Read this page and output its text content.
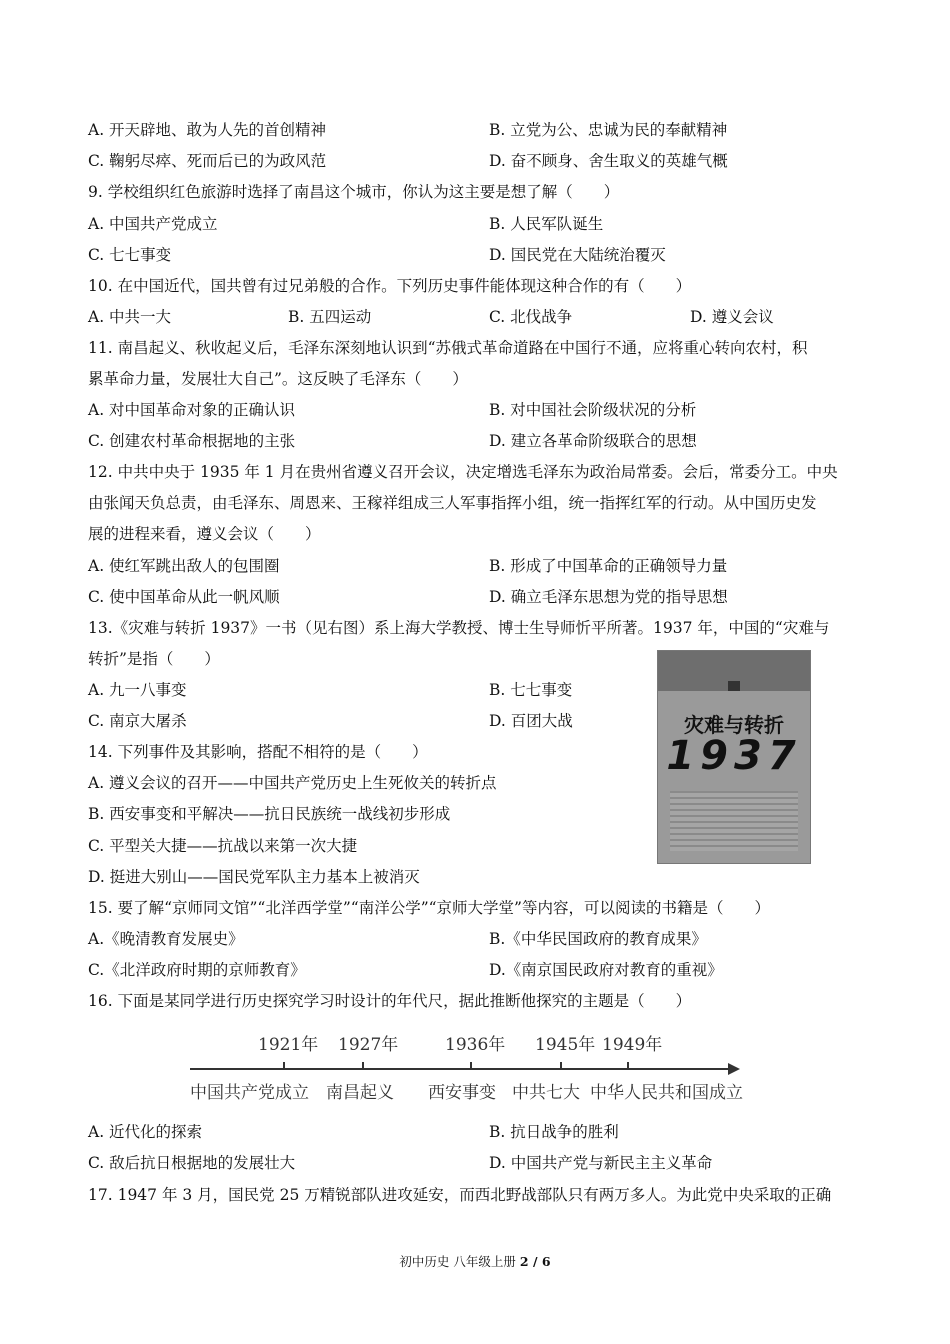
A. 开天辟地、敢为人先的首创精神	B. 立党为公、忠诚为民的奉献精神
C. 鞠躬尽瘁、死而后已的为政风范	D. 奋不顾身、舍生取义的英雄气概
9. 学校组织红色旅游时选择了南昌这个城市，你认为这主要是想了解（　　）
A. 中国共产党成立	B. 人民军队诞生
C. 七七事变	D. 国民党在大陆统治覆灭
10. 在中国近代，国共曾有过兄弟般的合作。下列历史事件能体现这种合作的有（　　）
A. 中共一大	B. 五四运动	C. 北伐战争	D. 遵义会议
11. 南昌起义、秋收起义后，毛泽东深刻地认识到“苏俄式革命道路在中国行不通，应将重心转向农村，积
累革命力量，发展壮大自己”。这反映了毛泽东（　　）
A. 对中国革命对象的正确认识	B. 对中国社会阶级状况的分析
C. 创建农村革命根据地的主张	D. 建立各革命阶级联合的思想
12. 中共中央于 1935 年 1 月在贵州省遵义召开会议，决定增选毛泽东为政治局常委。会后，常委分工。中央
由张闻天负总责，由毛泽东、周恩来、王稼祥组成三人军事指挥小组，统一指挥红军的行动。从中国历史发
展的进程来看，遵义会议（　　）
A. 使红军跳出敌人的包围圈	B. 形成了中国革命的正确领导力量
C. 使中国革命从此一帆风顺	D. 确立毛泽东思想为党的指导思想
13.《灾难与转折 1937》一书（见右图）系上海大学教授、博士生导师忻平所著。1937 年，中国的“灾难与
转折”是指（　　）
A. 九一八事变	B. 七七事变
C. 南京大屠杀	D. 百团大战	灾难与转折
1937
14. 下列事件及其影响，搭配不相符的是（　　）
A. 遵义会议的召开——中国共产党历史上生死攸关的转折点
B. 西安事变和平解决——抗日民族统一战线初步形成
C. 平型关大捷——抗战以来第一次大捷
D. 挺进大别山——国民党军队主力基本上被消灭
15. 要了解“京师同文馆”“北洋西学堂”“南洋公学”“京师大学堂”等内容，可以阅读的书籍是（　　）
A.《晚清教育发展史》	B.《中华民国政府的教育成果》
C.《北洋政府时期的京师教育》	D.《南京国民政府对教育的重视》
16. 下面是某同学进行历史探究学习时设计的年代尺，据此推断他探究的主题是（　　）
1921年 1927年	1936年 1945年 1949年
中国共产党成立 南昌起义 西安事变 中共七大 中华人民共和国成立
A. 近代化的探索	B. 抗日战争的胜利
C. 敌后抗日根据地的发展壮大	D. 中国共产党与新民主主义革命
17. 1947 年 3 月，国民党 25 万精锐部队进攻延安，而西北野战部队只有两万多人。为此党中央采取的正确
初中历史 八年级上册 2 / 6
